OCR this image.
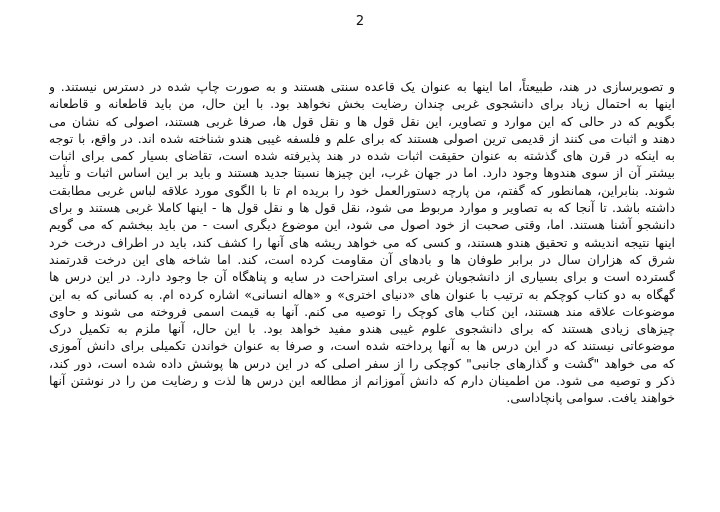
2
و تصویرسازی در هند، طبیعتاً، اما اینها به عنوان یک قاعده سنتی هستند و به صورت چاپ شده در دسترس نیستند. و
اینها به احتمال زیاد برای دانشجوی غربی چندان رضایت بخش نخواهد بود. با این حال، من باید قاطعانه و قاطعانه
بگویم که در حالی که این موارد و تصاویر، این نقل قول ها و نقل قول ها، صرفا غربی هستند، اصولی که نشان می
دهند و اثبات می کنند از قدیمی ترین اصولی هستند که برای علم و فلسفه غیبی هندو شناخته شده اند. در واقع، با توجه
به اینکه در قرن های گذشته به عنوان حقیقت اثبات شده در هند پذیرفته شده است، تقاضای بسیار کمی برای اثبات
بیشتر آن از سوی هندوها وجود دارد. اما در جهان غرب، این چیزها نسبتا جدید هستند و باید بر این اساس اثبات و تأیید
شوند. بنابراین، همانطور که گفتم، من پارچه دستورالعمل خود را بریده ام تا با الگوی مورد علاقه لباس غربی مطابقت
داشته باشد. تا آنجا که به تصاویر و موارد مربوط می شود، نقل قول ها و نقل قول ها - اینها کاملا غربی هستند و برای
دانشجو آشنا هستند. اما، وقتی صحبت از خود اصول می شود، این موضوع دیگری است - من باید ببخشم که می گویم
اینها نتیجه اندیشه و تحقیق هندو هستند، و کسی که می خواهد ریشه های آنها را کشف کند، باید در اطراف درخت خرد
شرق که هزاران سال در برابر طوفان ها و بادهای آن مقاومت کرده است، کند. اما شاخه های این درخت قدرتمند
گسترده است و برای بسیاری از دانشجویان غربی برای استراحت در سایه و پناهگاه آن جا وجود دارد. در این درس ها
گهگاه به دو کتاب کوچکم به ترتیب با عنوان های «دنیای اختری» و «هاله انسانی» اشاره کرده ام. به کسانی که به این
موضوعات علاقه مند هستند، این کتاب های کوچک را توصیه می کنم. آنها به قیمت اسمی فروخته می شوند و حاوی
چیزهای زیادی هستند که برای دانشجوی علوم غیبی هندو مفید خواهد بود. با این حال، آنها ملزم به تکمیل درک
موضوعاتی نیستند که در این درس ها به آنها پرداخته شده است، و صرفا به عنوان خواندن تکمیلی برای دانش آموزی
که می خواهد "گشت و گذارهای جانبی" کوچکی را از سفر اصلی که در این درس ها پوشش داده شده است، دور کند،
ذکر و توصیه می شود. من اطمینان دارم که دانش آموزانم از مطالعه این درس ها لذت و رضایت من را در نوشتن آنها
خواهند یافت. سوامی پانچاداسی.
